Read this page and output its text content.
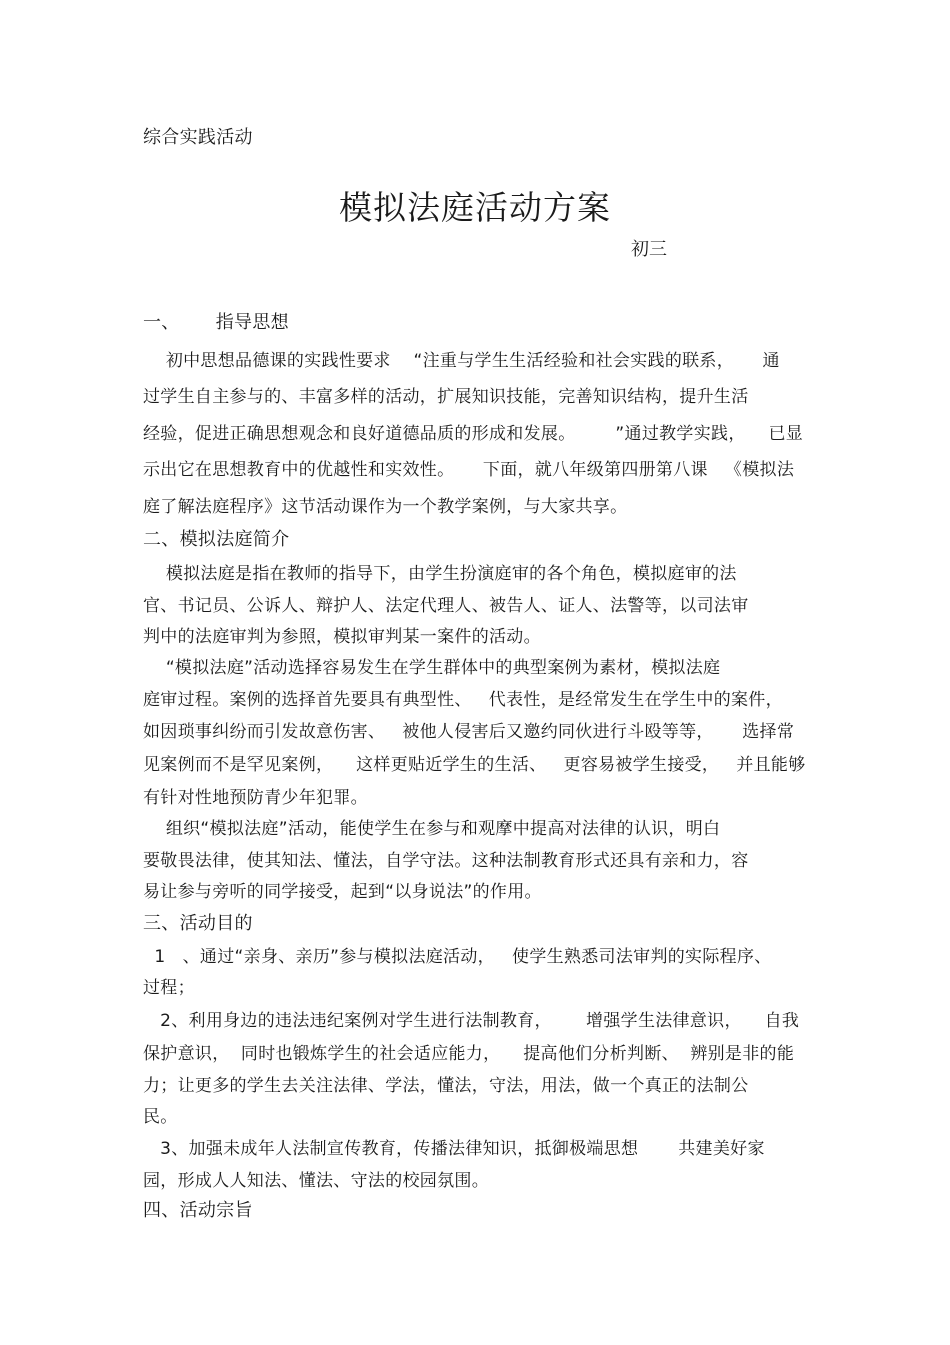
综合实践活动
模拟法庭活动方案
初三
一、      指导思想
初中思想品德课的实践性要求    “注重与学生生活经验和社会实践的联系，     通
过学生自主参与的、丰富多样的活动，扩展知识技能，完善知识结构，提升生活
经验，促进正确思想观念和良好道德品质的形成和发展。       ”通过教学实践，    已显
示出它在思想教育中的优越性和实效性。     下面，就八年级第四册第八课   《模拟法
庭了解法庭程序》这节活动课作为一个教学案例，与大家共享。
二、模拟法庭简介
模拟法庭是指在教师的指导下，由学生扮演庭审的各个角色，模拟庭审的法
官、书记员、公诉人、辩护人、法定代理人、被告人、证人、法警等，以司法审
判中的法庭审判为参照，模拟审判某一案件的活动。
“模拟法庭”活动选择容易发生在学生群体中的典型案例为素材，模拟法庭
庭审过程。案例的选择首先要具有典型性、   代表性，是经常发生在学生中的案件，
如因琐事纠纷而引发故意伤害、   被他人侵害后又邀约同伙进行斗殴等等，     选择常
见案例而不是罕见案例，    这样更贴近学生的生活、   更容易被学生接受，   并且能够
有针对性地预防青少年犯罪。
组织“模拟法庭”活动，能使学生在参与和观摩中提高对法律的认识，明白
要敬畏法律，使其知法、懂法，自学守法。这种法制教育形式还具有亲和力，容
易让参与旁听的同学接受，起到“以身说法”的作用。
三、活动目的
1   、通过“亲身、亲历”参与模拟法庭活动，   使学生熟悉司法审判的实际程序、
过程；
2、利用身边的违法违纪案例对学生进行法制教育，      增强学生法律意识，    自我
保护意识，  同时也锻炼学生的社会适应能力，    提高他们分析判断、  辨别是非的能
力；让更多的学生去关注法律、学法，懂法，守法，用法，做一个真正的法制公
民。
3、加强未成年人法制宣传教育，传播法律知识，抵御极端思想       共建美好家
园，形成人人知法、懂法、守法的校园氛围。
四、活动宗旨
